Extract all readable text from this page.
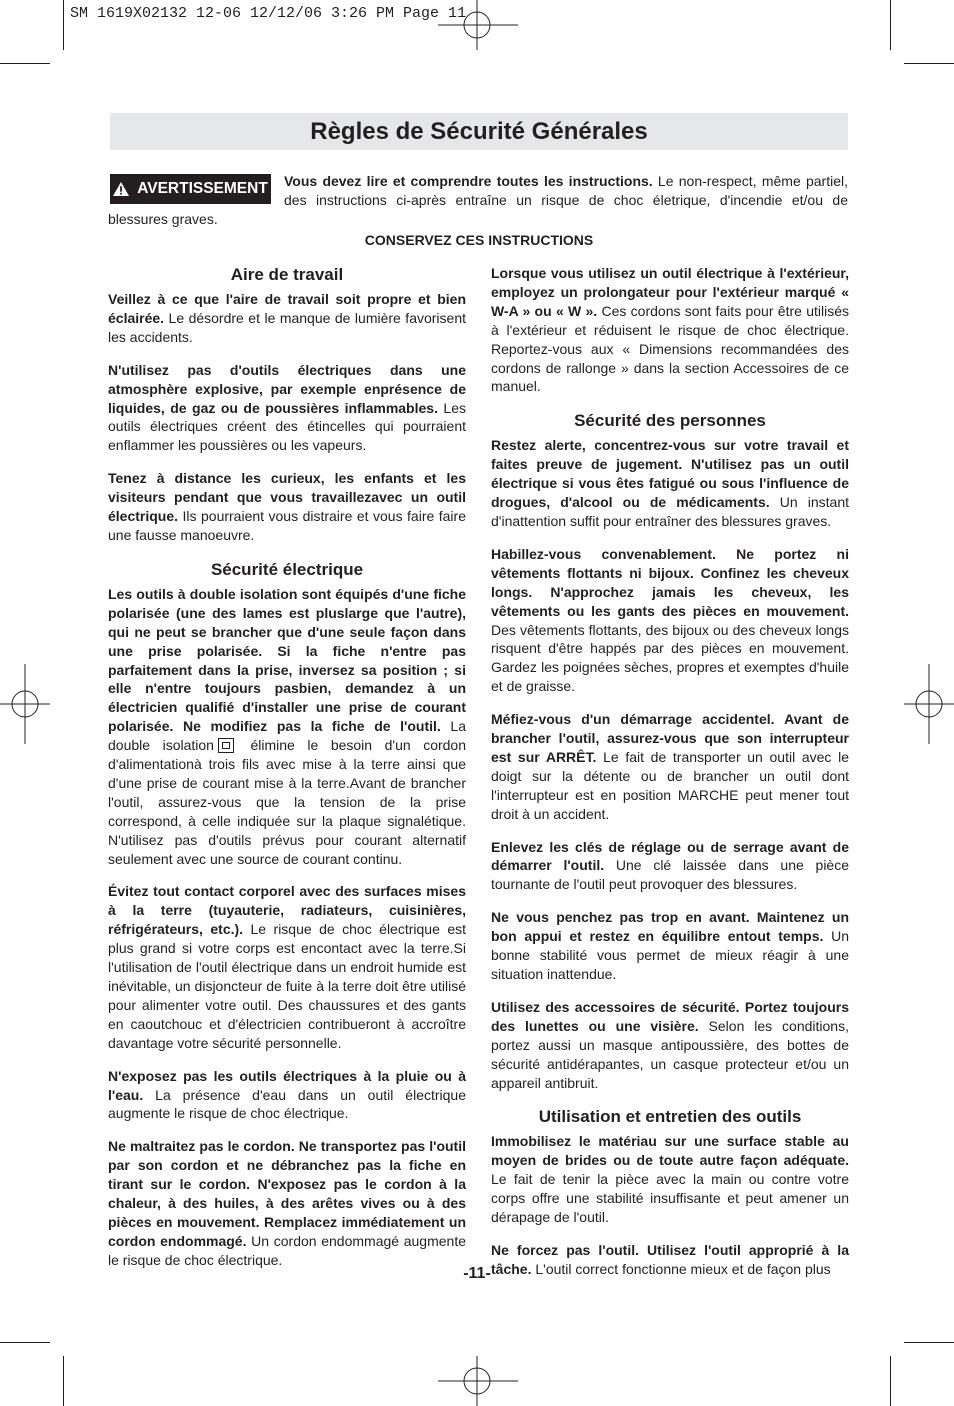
SM 1619X02132 12-06 12/12/06 3:26 PM Page 11
Règles de Sécurité Générales
Vous devez lire et comprendre toutes les instructions. Le non-respect, même partiel, des instructions ci-après entraîne un risque de choc életrique, d'incendie et/ou de blessures graves.
AVERTISSEMENT
CONSERVEZ CES INSTRUCTIONS
Aire de travail

Veillez à ce que l'aire de travail soit propre et bien éclairée. Le désordre et le manque de lumière favorisent les accidents.

N'utilisez pas d'outils électriques dans une atmosphère explosive, par exemple enprésence de liquides, de gaz ou de poussières inflammables. Les outils électriques créent des étincelles qui pourraient enflammer les poussières ou les vapeurs.

Tenez à distance les curieux, les enfants et les visiteurs pendant que vous travaillezavec un outil électrique. Ils pourraient vous distraire et vous faire faire une fausse manoeuvre.

Sécurité électrique

Les outils à double isolation sont équipés d'une fiche polarisée (une des lames est pluslarge que l'autre), qui ne peut se brancher que d'une seule façon dans une prise polarisée. Si la fiche n'entre pas parfaitement dans la prise, inversez sa position ; si elle n'entre toujours pasbien, demandez à un électricien qualifié d'installer une prise de courant polarisée. Ne modifiez pas la fiche de l'outil. La double isolation élimine le besoin d'un cordon d'alimentationà trois fils avec mise à la terre ainsi que d'une prise de courant mise à la terre.Avant de brancher l'outil, assurez-vous que la tension de la prise correspond, à celle indiquée sur la plaque signalétique. N'utilisez pas d'outils prévus pour courant alternatif seulement avec une source de courant continu.

Évitez tout contact corporel avec des surfaces mises à la terre (tuyauterie, radiateurs, cuisinières, réfrigérateurs, etc.). Le risque de choc électrique est plus grand si votre corps est encontact avec la terre.Si l'utilisation de l'outil électrique dans un endroit humide est inévitable, un disjoncteur de fuite à la terre doit être utilisé pour alimenter votre outil. Des chaussures et des gants en caoutchouc et d'électricien contribueront à accroître davantage votre sécurité personnelle.

N'exposez pas les outils électriques à la pluie ou à l'eau. La présence d'eau dans un outil électrique augmente le risque de choc électrique.

Ne maltraitez pas le cordon. Ne transportez pas l'outil par son cordon et ne débranchez pas la fiche en tirant sur le cordon. N'exposez pas le cordon à la chaleur, à des huiles, à des arêtes vives ou à des pièces en mouvement. Remplacez immédiatement un cordon endommagé. Un cordon endommagé augmente le risque de choc électrique.

Lorsque vous utilisez un outil électrique à l'extérieur, employez un prolongateur pour l'extérieur marqué « W-A » ou « W ». Ces cordons sont faits pour être utilisés à l'extérieur et réduisent le risque de choc électrique. Reportez-vous aux « Dimensions recommandées des cordons de rallonge » dans la section Accessoires de ce manuel.

Sécurité des personnes

Restez alerte, concentrez-vous sur votre travail et faites preuve de jugement. N'utilisez pas un outil électrique si vous êtes fatigué ou sous l'influence de drogues, d'alcool ou de médicaments. Un instant d'inattention suffit pour entraîner des blessures graves.

Habillez-vous convenablement. Ne portez ni vêtements flottants ni bijoux. Confinez les cheveux longs. N'approchez jamais les cheveux, les vêtements ou les gants des pièces en mouvement. Des vêtements flottants, des bijoux ou des cheveux longs risquent d'être happés par des pièces en mouvement. Gardez les poignées sèches, propres et exemptes d'huile et de graisse.

Méfiez-vous d'un démarrage accidentel. Avant de brancher l'outil, assurez-vous que son interrupteur est sur ARRÊT. Le fait de transporter un outil avec le doigt sur la détente ou de brancher un outil dont l'interrupteur est en position MARCHE peut mener tout droit à un accident.

Enlevez les clés de réglage ou de serrage avant de démarrer l'outil. Une clé laissée dans une pièce tournante de l'outil peut provoquer des blessures.

Ne vous penchez pas trop en avant. Maintenez un bon appui et restez en équilibre entout temps. Un bonne stabilité vous permet de mieux réagir à une situation inattendue.

Utilisez des accessoires de sécurité. Portez toujours des lunettes ou une visière. Selon les conditions, portez aussi un masque antipoussière, des bottes de sécurité antidérapantes, un casque protecteur et/ou un appareil antibruit.

Utilisation et entretien des outils

Immobilisez le matériau sur une surface stable au moyen de brides ou de toute autre façon adéquate. Le fait de tenir la pièce avec la main ou contre votre corps offre une stabilité insuffisante et peut amener un dérapage de l'outil.

Ne forcez pas l'outil. Utilisez l'outil approprié à la tâche. L'outil correct fonctionne mieux et de façon plus

-11-
